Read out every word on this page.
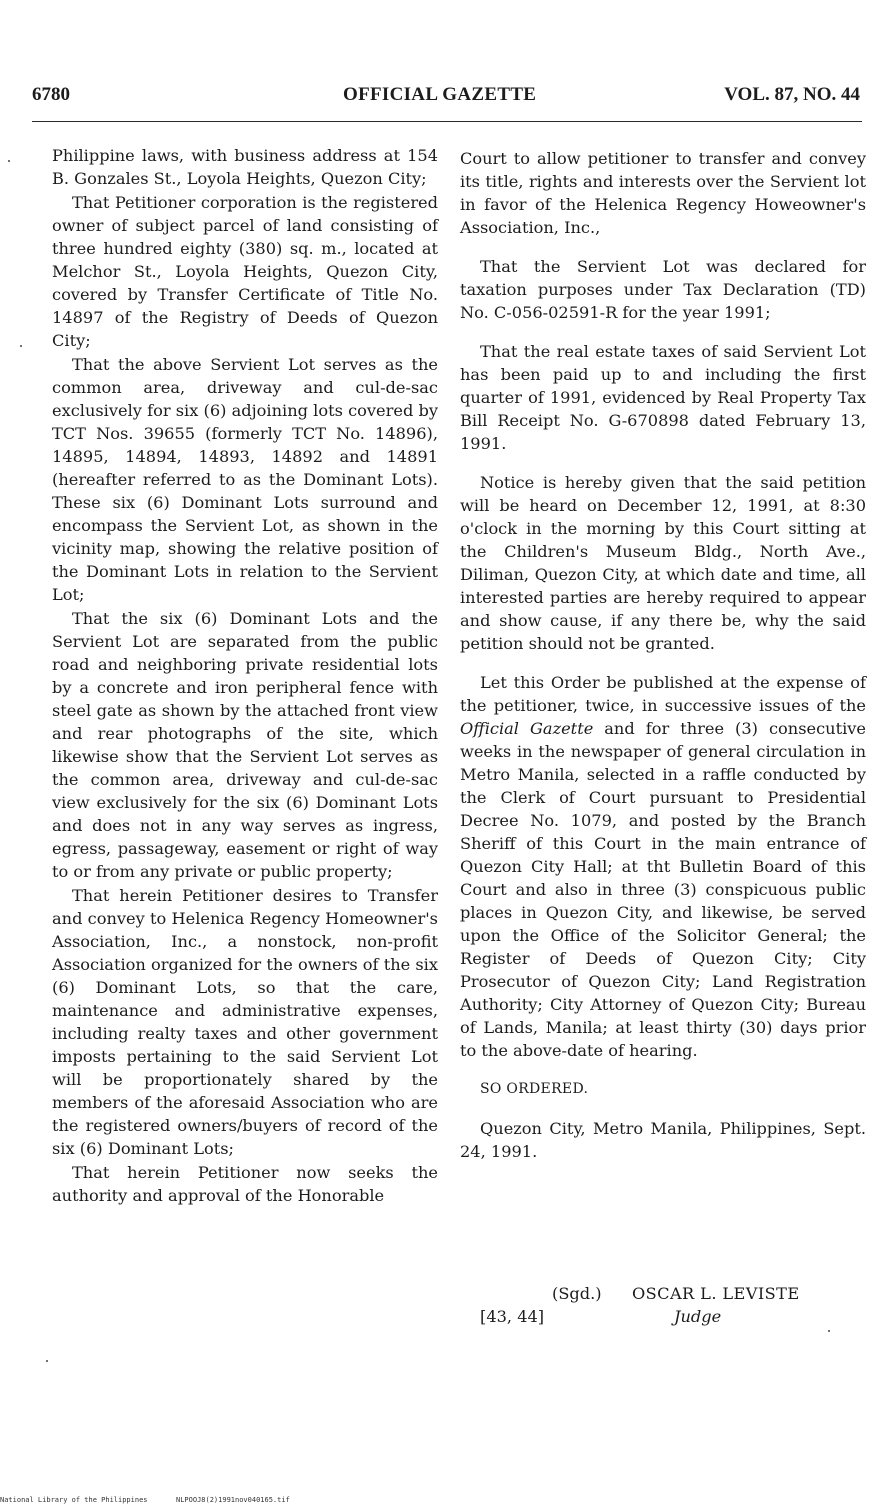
6780	OFFICIAL GAZETTE	VOL. 87, NO. 44

Philippine laws, with business address at 154 B. Gonzales St., Loyola Heights, Quezon City;

That Petitioner corporation is the registered owner of subject parcel of land consisting of three hundred eighty (380) sq. m., located at Melchor St., Loyola Heights, Quezon City, covered by Transfer Certificate of Title No. 14897 of the Registry of Deeds of Quezon City;

That the above Servient Lot serves as the common area, driveway and cul-de-sac exclusively for six (6) adjoining lots covered by TCT Nos. 39655 (formerly TCT No. 14896), 14895, 14894, 14893, 14892 and 14891 (hereafter referred to as the Dominant Lots). These six (6) Dominant Lots surround and encompass the Servient Lot, as shown in the vicinity map, showing the relative position of the Dominant Lots in relation to the Servient Lot;

That the six (6) Dominant Lots and the Servient Lot are separated from the public road and neighboring private residential lots by a concrete and iron peripheral fence with steel gate as shown by the attached front view and rear photographs of the site, which likewise show that the Servient Lot serves as the common area, driveway and cul-de-sac view exclusively for the six (6) Dominant Lots and does not in any way serves as ingress, egress, passageway, easement or right of way to or from any private or public property;

That herein Petitioner desires to Transfer and convey to Helenica Regency Homeowner's Association, Inc., a nonstock, non-profit Association organized for the owners of the six (6) Dominant Lots, so that the care, maintenance and administrative expenses, including realty taxes and other government imposts pertaining to the said Servient Lot will be proportionately shared by the members of the aforesaid Association who are the registered owners/buyers of record of the six (6) Dominant Lots;

That herein Petitioner now seeks the authority and approval of the Honorable

Court to allow petitioner to transfer and convey its title, rights and interests over the Servient lot in favor of the Helenica Regency Howeowner's Association, Inc.,

That the Servient Lot was declared for taxation purposes under Tax Declaration (TD) No. C-056-02591-R for the year 1991;

That the real estate taxes of said Servient Lot has been paid up to and including the first quarter of 1991, evidenced by Real Property Tax Bill Receipt No. G-670898 dated February 13, 1991.

Notice is hereby given that the said petition will be heard on December 12, 1991, at 8:30 o'clock in the morning by this Court sitting at the Children's Museum Bldg., North Ave., Diliman, Quezon City, at which date and time, all interested parties are hereby required to appear and show cause, if any there be, why the said petition should not be granted.

Let this Order be published at the expense of the petitioner, twice, in successive issues of the Official Gazette and for three (3) consecutive weeks in the newspaper of general circulation in Metro Manila, selected in a raffle conducted by the Clerk of Court pursuant to Presidential Decree No. 1079, and posted by the Branch Sheriff of this Court in the main entrance of Quezon City Hall; at tht Bulletin Board of this Court and also in three (3) conspicuous public places in Quezon City, and likewise, be served upon the Office of the Solicitor General; the Register of Deeds of Quezon City; City Prosecutor of Quezon City; Land Registration Authority; City Attorney of Quezon City; Bureau of Lands, Manila; at least thirty (30) days prior to the above-date of hearing.

SO ORDERED.

Quezon City, Metro Manila, Philippines, Sept. 24, 1991.

(Sgd.) OSCAR L. LEVISTE
[43, 44]	Judge
National Library of the Philippines	NLPOOJ8(2)1991nov040165.tif
